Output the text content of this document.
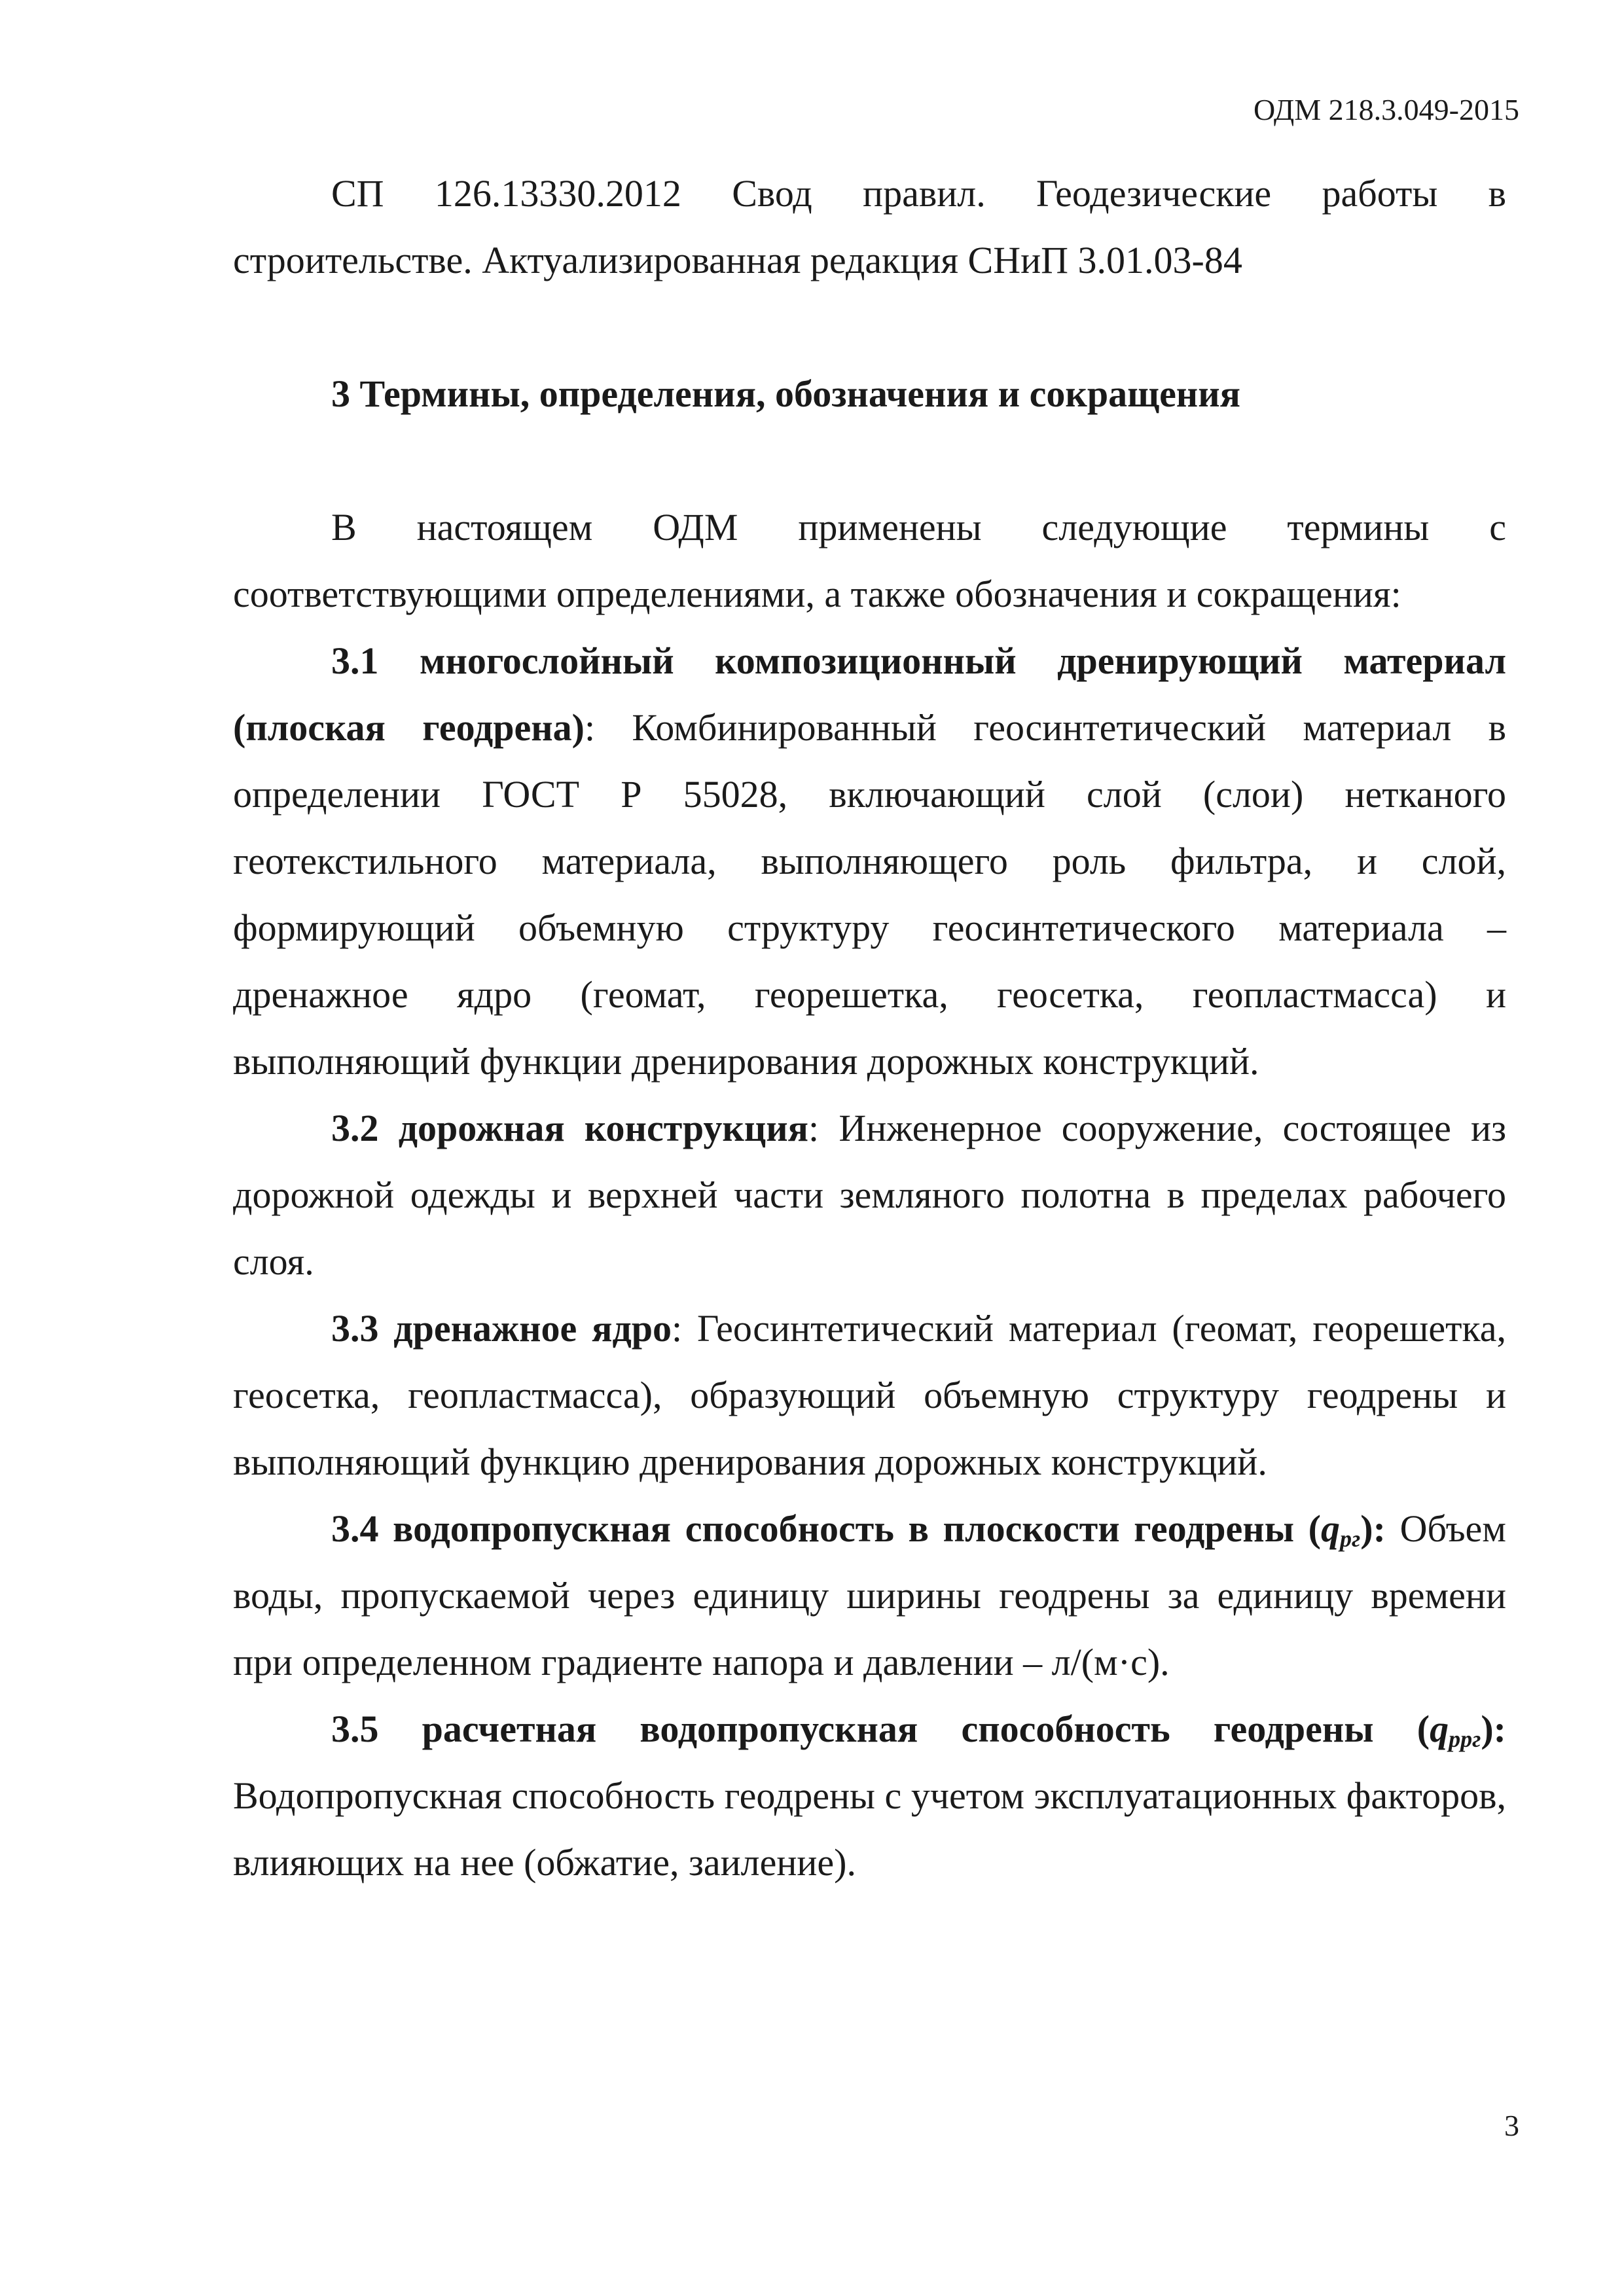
ОДМ 218.3.049-2015

СП 126.13330.2012 Свод правил. Геодезические работы в строительстве. Актуализированная редакция СНиП 3.01.03-84

3 Термины, определения, обозначения и сокращения

В настоящем ОДМ применены следующие термины с соответствующими определениями, а также обозначения и сокращения:

3.1 многослойный композиционный дренирующий материал (плоская геодрена): Комбинированный геосинтетический материал в определении ГОСТ Р 55028, включающий слой (слои) нетканого геотекстильного материала, выполняющего роль фильтра, и слой, формирующий объемную структуру геосинтетического материала – дренажное ядро (геомат, георешетка, геосетка, геопластмасса) и выполняющий функции дренирования дорожных конструкций.

3.2 дорожная конструкция: Инженерное сооружение, состоящее из дорожной одежды и верхней части земляного полотна в пределах рабочего слоя.

3.3 дренажное ядро: Геосинтетический материал (геомат, георешетка, геосетка, геопластмасса), образующий объемную структуру геодрены и выполняющий функцию дренирования дорожных конструкций.

3.4 водопропускная способность в плоскости геодрены $(q_{pг})$: Объем воды, пропускаемой через единицу ширины геодрены за единицу времени при определенном градиенте напора и давлении – л/(м·с).

3.5 расчетная водопропускная способность геодрены $(q_{ppг})$: Водопропускная способность геодрены с учетом эксплуатационных факторов, влияющих на нее (обжатие, заиление).

3
